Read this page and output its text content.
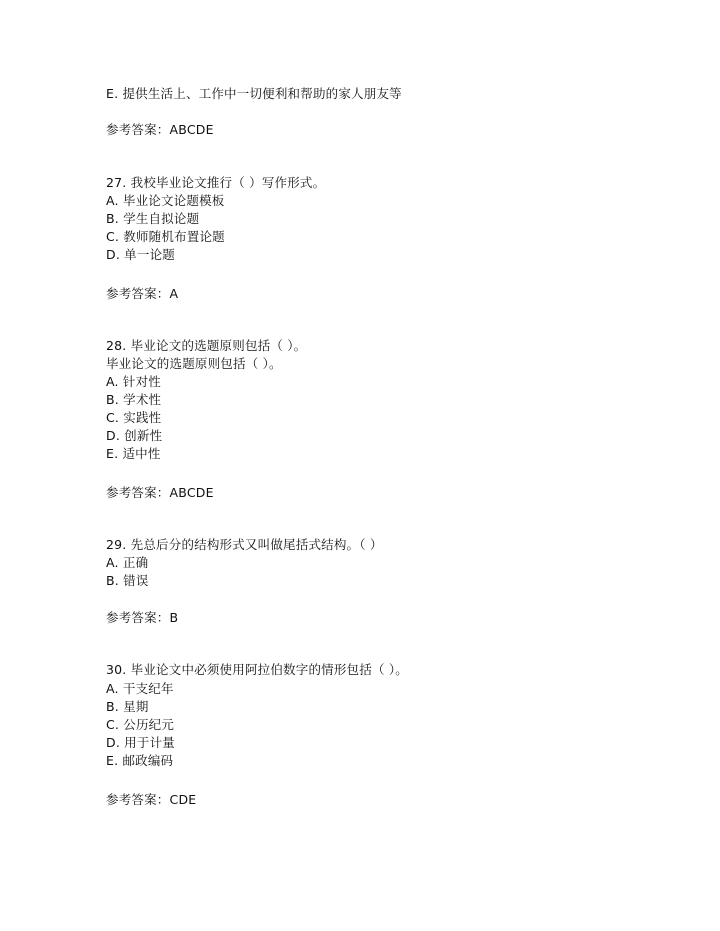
E. 提供生活上、工作中一切便利和帮助的家人朋友等
参考答案：ABCDE
27. 我校毕业论文推行（ ）写作形式。
A. 毕业论文论题模板
B. 学生自拟论题
C. 教师随机布置论题
D. 单一论题
参考答案：A
28. 毕业论文的选题原则包括（ ）。
毕业论文的选题原则包括（ ）。
A. 针对性
B. 学术性
C. 实践性
D. 创新性
E. 适中性
参考答案：ABCDE
29. 先总后分的结构形式又叫做尾括式结构。（ ）
A. 正确
B. 错误
参考答案：B
30. 毕业论文中必须使用阿拉伯数字的情形包括（ ）。
A. 干支纪年
B. 星期
C. 公历纪元
D. 用于计量
E. 邮政编码
参考答案：CDE
